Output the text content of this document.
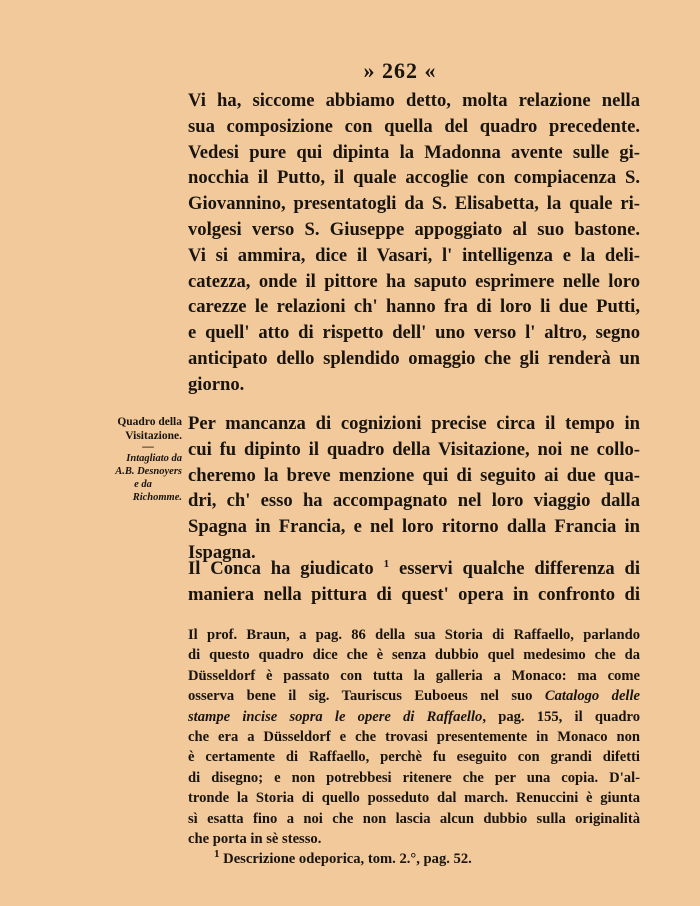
» 262 «
Vi ha, siccome abbiamo detto, molta relazione nella
sua composizione con quella del quadro precedente.
Vedesi pure qui dipinta la Madonna avente sulle gi-
nocchia il Putto, il quale accoglie con compiacenza S.
Giovannino, presentatogli da S. Elisabetta, la quale ri-
volgesi verso S. Giuseppe appoggiato al suo bastone.
Vi si ammira, dice il Vasari, l' intelligenza e la deli-
catezza, onde il pittore ha saputo esprimere nelle loro
carezze le relazioni ch' hanno fra di loro li due Putti,
e quell' atto di rispetto dell' uno verso l' altro, segno
anticipato dello splendido omaggio che gli renderà un
giorno.
Quadro della
Visitazione.
—
Intagliato da
A.B. Desnoyers
e da
Richomme.
Per mancanza di cognizioni precise circa il tempo in
cui fu dipinto il quadro della Visitazione, noi ne collo-
cheremo la breve menzione qui di seguito ai due qua-
dri, ch' esso ha accompagnato nel loro viaggio dalla
Spagna in Francia, e nel loro ritorno dalla Francia in
Ispagna.
Il Conca ha giudicato $^1$ esservi qualche differenza di
maniera nella pittura di quest' opera in confronto di
Il prof. Braun, a pag. 86 della sua Storia di Raffaello, parlando
di questo quadro dice che è senza dubbio quel medesimo che da
Düsseldorf è passato con tutta la galleria a Monaco: ma come
osserva bene il sig. Tauriscus Euboeus nel suo Catalogo delle
stampe incise sopra le opere di Raffaello, pag. 155, il quadro
che era a Düsseldorf e che trovasi presentemente in Monaco non
è certamente di Raffaello, perchè fu eseguito con grandi difetti
di disegno; e non potrebbesi ritenere che per una copia. D'al-
tronde la Storia di quello posseduto dal march. Renuccini è giunta
sì esatta fino a noi che non lascia alcun dubbio sulla originalità
che porta in sè stesso.
$^1$ Descrizione odeporica, tom. 2.°, pag. 52.
